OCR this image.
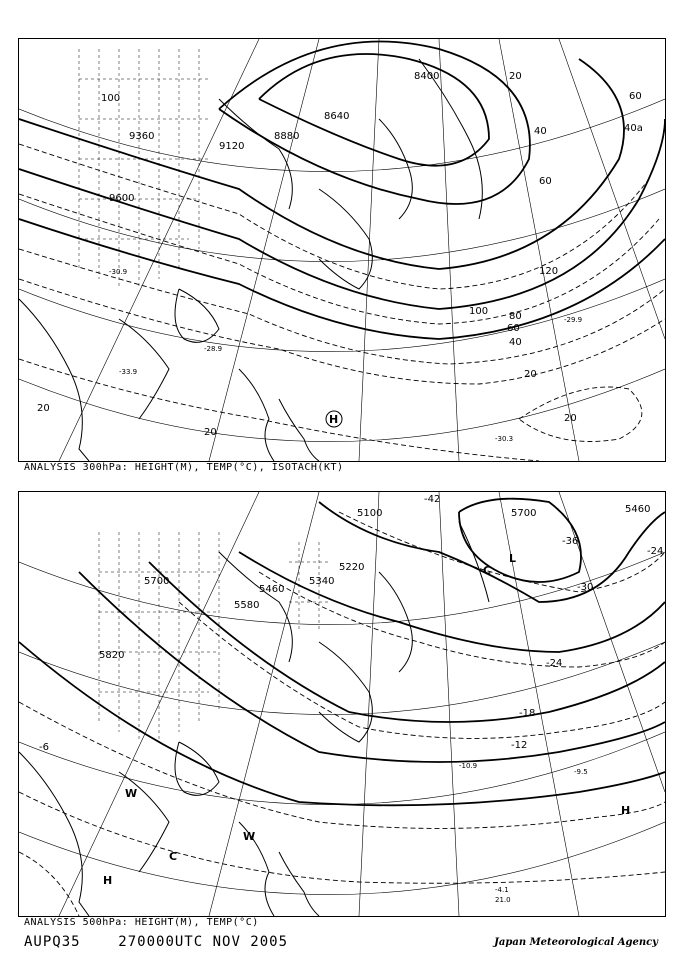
8400
8640
8880
9120
9360
9600
20
40
60
120
100 80
60
40
20
20
20
20
40a
60
100
-30.9
-28.9
-33.9
-30.3
-29.9
H
ANALYSIS 300hPa: HEIGHT(M), TEMP(°C), ISOTACH(KT)
5100
5220
5340
5460
5580
5700
5820
5700	5460
-42
-36
-30
-24
-18
-12
-6
-24
L
C
W
W
C
H
H
-9.5
-10.9
-4.1
21.0
ANALYSIS 500hPa: HEIGHT(M), TEMP(°C)
AUPQ35	270000UTC NOV 2005	Japan Meteorological Agency
